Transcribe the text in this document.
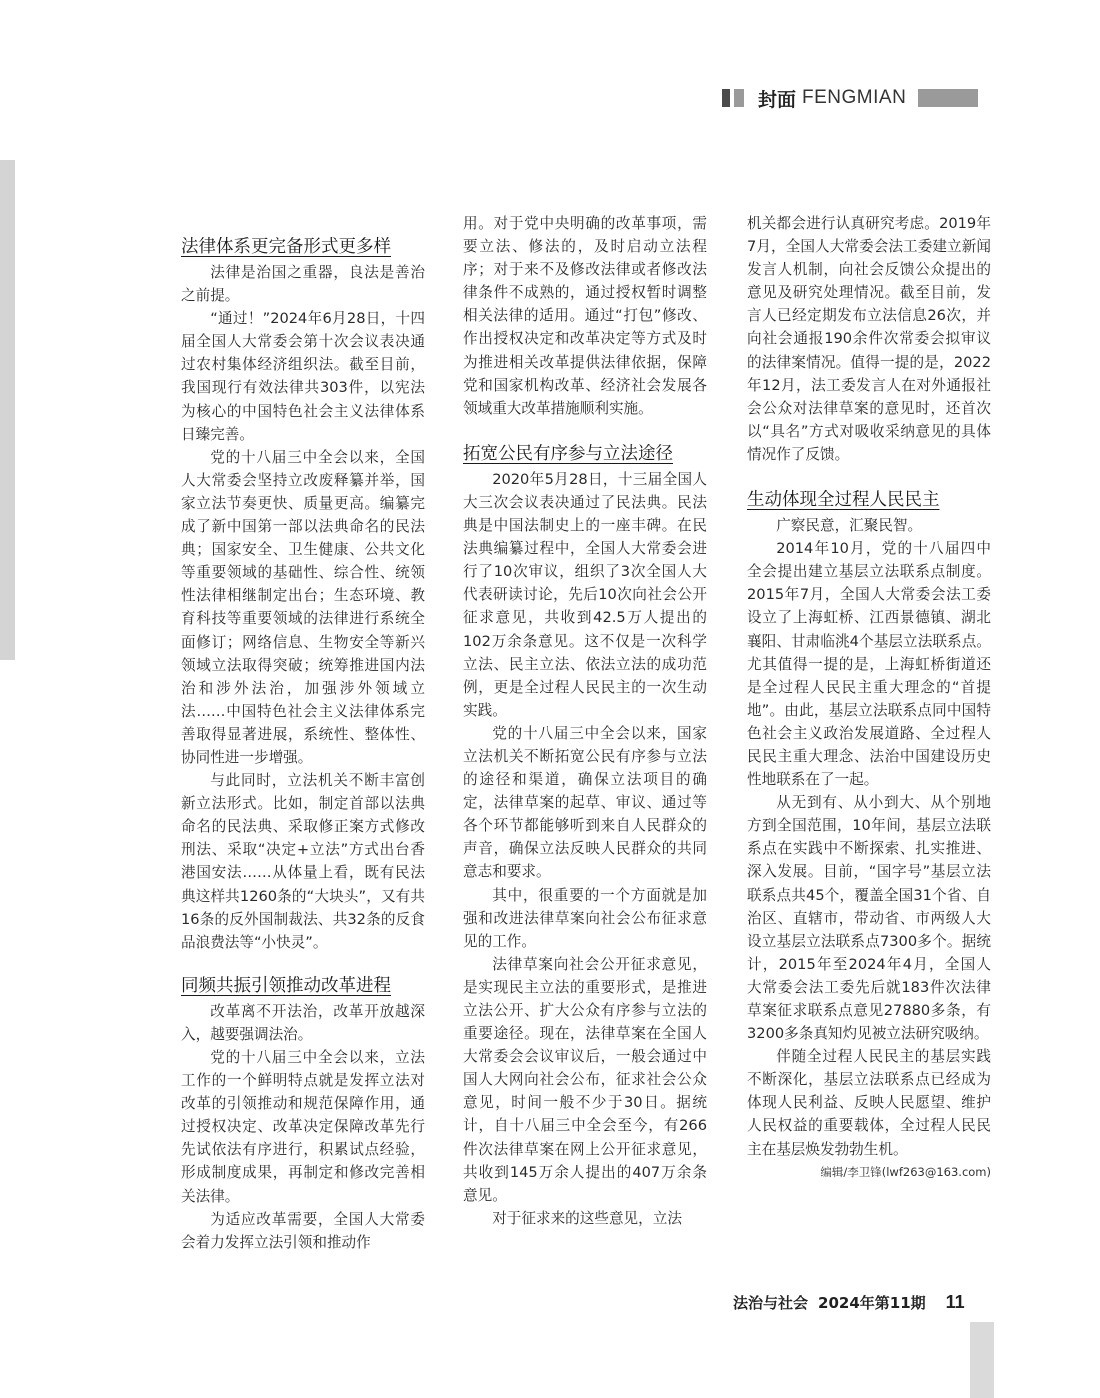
封面 FENGMIAN
法律体系更完备形式更多样

法律是治国之重器，良法是善治之前提。

“通过！”2024年6月28日，十四届全国人大常委会第十次会议表决通过农村集体经济组织法。截至目前，我国现行有效法律共303件，以宪法为核心的中国特色社会主义法律体系日臻完善。

党的十八届三中全会以来，全国人大常委会坚持立改废释纂并举，国家立法节奏更快、质量更高。编纂完成了新中国第一部以法典命名的民法典；国家安全、卫生健康、公共文化等重要领域的基础性、综合性、统领性法律相继制定出台；生态环境、教育科技等重要领域的法律进行系统全面修订；网络信息、生物安全等新兴领域立法取得突破；统筹推进国内法治和涉外法治，加强涉外领域立法……中国特色社会主义法律体系完善取得显著进展，系统性、整体性、协同性进一步增强。

与此同时，立法机关不断丰富创新立法形式。比如，制定首部以法典命名的民法典、采取修正案方式修改刑法、采取“决定+立法”方式出台香港国安法……从体量上看，既有民法典这样共1260条的“大块头”，又有共16条的反外国制裁法、共32条的反食品浪费法等“小快灵”。

同频共振引领推动改革进程

改革离不开法治，改革开放越深入，越要强调法治。

党的十八届三中全会以来，立法工作的一个鲜明特点就是发挥立法对改革的引领推动和规范保障作用，通过授权决定、改革决定保障改革先行先试依法有序进行，积累试点经验，形成制度成果，再制定和修改完善相关法律。

为适应改革需要，全国人大常委会着力发挥立法引领和推动作

用。对于党中央明确的改革事项，需要立法、修法的，及时启动立法程序；对于来不及修改法律或者修改法律条件不成熟的，通过授权暂时调整相关法律的适用。通过“打包”修改、作出授权决定和改革决定等方式及时为推进相关改革提供法律依据，保障党和国家机构改革、经济社会发展各领域重大改革措施顺利实施。

拓宽公民有序参与立法途径

2020年5月28日，十三届全国人大三次会议表决通过了民法典。民法典是中国法制史上的一座丰碑。在民法典编纂过程中，全国人大常委会进行了10次审议，组织了3次全国人大代表研读讨论，先后10次向社会公开征求意见，共收到42.5万人提出的102万余条意见。这不仅是一次科学立法、民主立法、依法立法的成功范例，更是全过程人民民主的一次生动实践。

党的十八届三中全会以来，国家立法机关不断拓宽公民有序参与立法的途径和渠道，确保立法项目的确定，法律草案的起草、审议、通过等各个环节都能够听到来自人民群众的声音，确保立法反映人民群众的共同意志和要求。

其中，很重要的一个方面就是加强和改进法律草案向社会公布征求意见的工作。

法律草案向社会公开征求意见，是实现民主立法的重要形式，是推进立法公开、扩大公众有序参与立法的重要途径。现在，法律草案在全国人大常委会会议审议后，一般会通过中国人大网向社会公布，征求社会公众意见，时间一般不少于30日。据统计，自十八届三中全会至今，有266件次法律草案在网上公开征求意见，共收到145万余人提出的407万余条意见。

对于征求来的这些意见，立法

机关都会进行认真研究考虑。2019年7月，全国人大常委会法工委建立新闻发言人机制，向社会反馈公众提出的意见及研究处理情况。截至目前，发言人已经定期发布立法信息26次，并向社会通报190余件次常委会拟审议的法律案情况。值得一提的是，2022年12月，法工委发言人在对外通报社会公众对法律草案的意见时，还首次以“具名”方式对吸收采纳意见的具体情况作了反馈。

生动体现全过程人民民主

广察民意，汇聚民智。

2014年10月，党的十八届四中全会提出建立基层立法联系点制度。2015年7月，全国人大常委会法工委设立了上海虹桥、江西景德镇、湖北襄阳、甘肃临洮4个基层立法联系点。尤其值得一提的是，上海虹桥街道还是全过程人民民主重大理念的“首提地”。由此，基层立法联系点同中国特色社会主义政治发展道路、全过程人民民主重大理念、法治中国建设历史性地联系在了一起。

从无到有、从小到大、从个别地方到全国范围，10年间，基层立法联系点在实践中不断探索、扎实推进、深入发展。目前，“国字号”基层立法联系点共45个，覆盖全国31个省、自治区、直辖市，带动省、市两级人大设立基层立法联系点7300多个。据统计，2015年至2024年4月，全国人大常委会法工委先后就183件次法律草案征求联系点意见27880多条，有3200多条真知灼见被立法研究吸纳。

伴随全过程人民民主的基层实践不断深化，基层立法联系点已经成为体现人民利益、反映人民愿望、维护人民权益的重要载体，全过程人民民主在基层焕发勃勃生机。

编辑/李卫锋(lwf263@163.com)
法治与社会 2024年第11期 11
